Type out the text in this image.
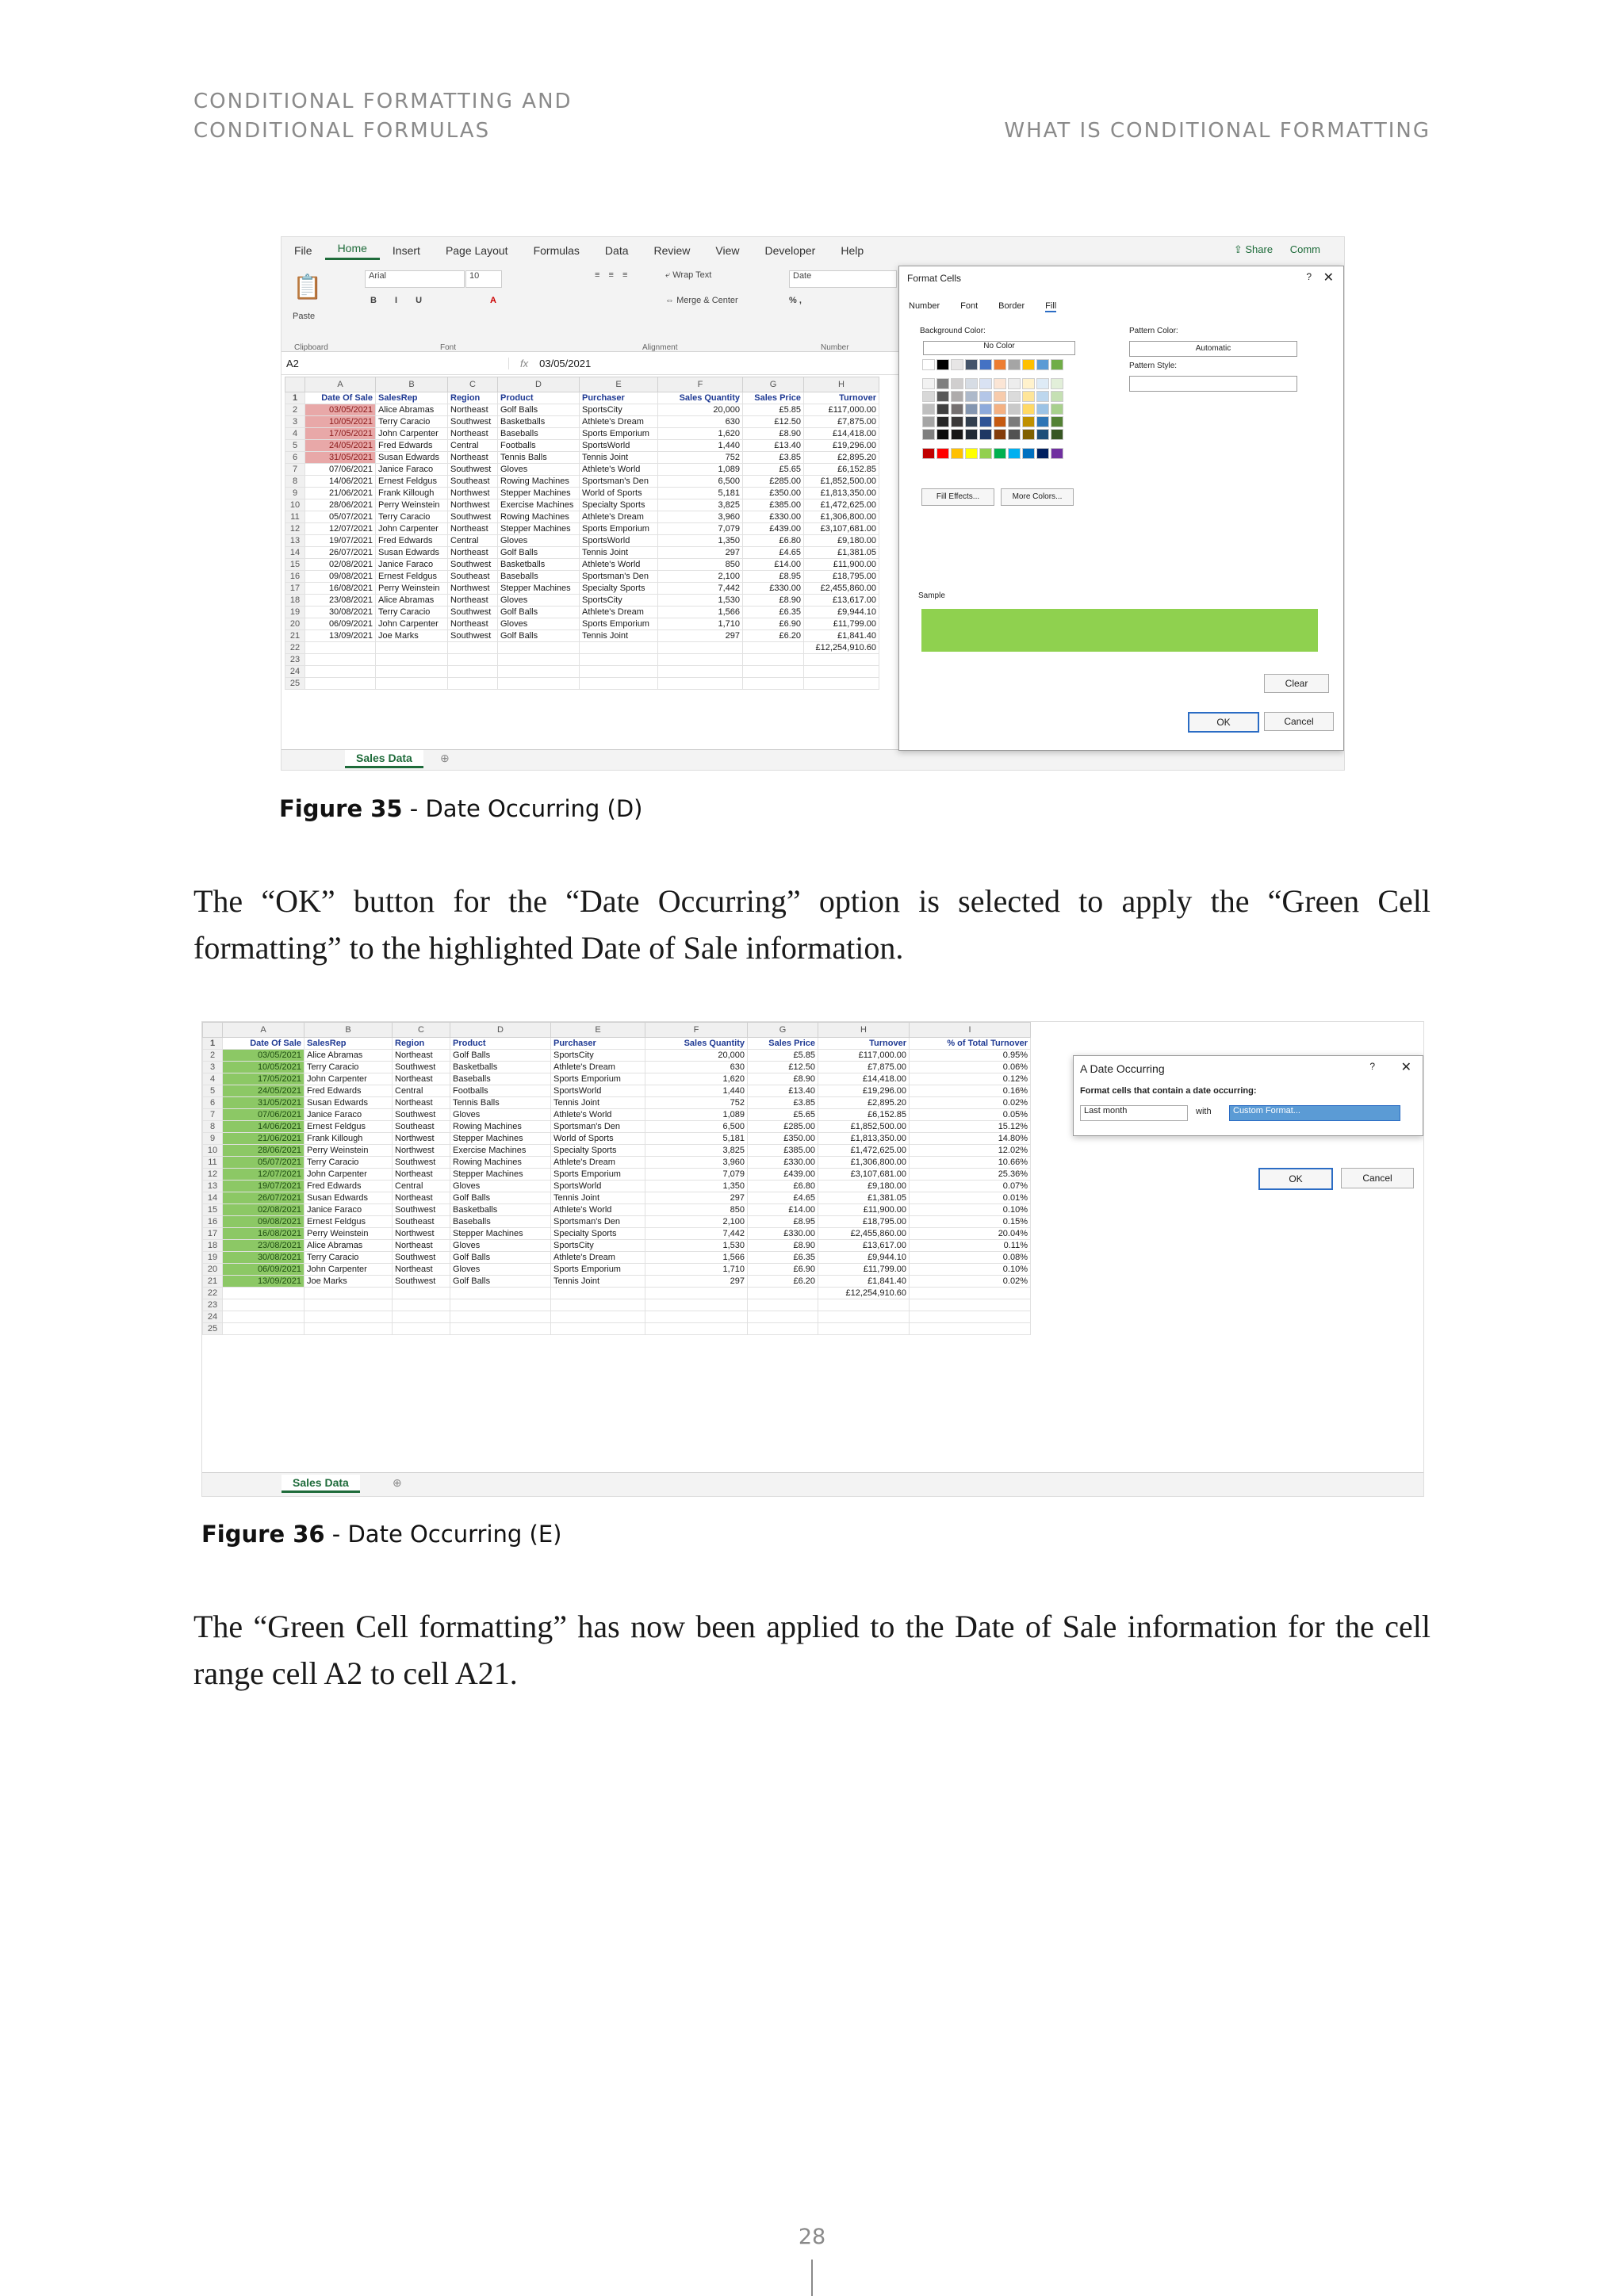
CONDITIONAL FORMATTING AND
CONDITIONAL FORMULAS	WHAT IS CONDITIONAL FORMATTING
File	Home	Insert	Page Layout	Formulas	Data	Review	View	Developer	Help	⇪ Share Comm
📋
Paste
Arial	10
B I U	A
⤶ Wrap Text
⇔ Merge & Center
Date
% ,
≡ ≡ ≡
Clipboard	Font	Alignment	Number
A2	fx	03/05/2021
	A	B	C	D	E	F	G	H
1	Date Of Sale	SalesRep	Region	Product	Purchaser	Sales Quantity	Sales Price	Turnover
2	03/05/2021	Alice Abramas	Northeast	Golf Balls	SportsCity	20,000	£5.85	£117,000.00
3	10/05/2021	Terry Caracio	Southwest	Basketballs	Athlete's Dream	630	£12.50	£7,875.00
4	17/05/2021	John Carpenter	Northeast	Baseballs	Sports Emporium	1,620	£8.90	£14,418.00
5	24/05/2021	Fred Edwards	Central	Footballs	SportsWorld	1,440	£13.40	£19,296.00
6	31/05/2021	Susan Edwards	Northeast	Tennis Balls	Tennis Joint	752	£3.85	£2,895.20
7	07/06/2021	Janice Faraco	Southwest	Gloves	Athlete's World	1,089	£5.65	£6,152.85
8	14/06/2021	Ernest Feldgus	Southeast	Rowing Machines	Sportsman's Den	6,500	£285.00	£1,852,500.00
9	21/06/2021	Frank Killough	Northwest	Stepper Machines	World of Sports	5,181	£350.00	£1,813,350.00
10	28/06/2021	Perry Weinstein	Northwest	Exercise Machines	Specialty Sports	3,825	£385.00	£1,472,625.00
11	05/07/2021	Terry Caracio	Southwest	Rowing Machines	Athlete's Dream	3,960	£330.00	£1,306,800.00
12	12/07/2021	John Carpenter	Northeast	Stepper Machines	Sports Emporium	7,079	£439.00	£3,107,681.00
13	19/07/2021	Fred Edwards	Central	Gloves	SportsWorld	1,350	£6.80	£9,180.00
14	26/07/2021	Susan Edwards	Northeast	Golf Balls	Tennis Joint	297	£4.65	£1,381.05
15	02/08/2021	Janice Faraco	Southwest	Basketballs	Athlete's World	850	£14.00	£11,900.00
16	09/08/2021	Ernest Feldgus	Southeast	Baseballs	Sportsman's Den	2,100	£8.95	£18,795.00
17	16/08/2021	Perry Weinstein	Northwest	Stepper Machines	Specialty Sports	7,442	£330.00	£2,455,860.00
18	23/08/2021	Alice Abramas	Northeast	Gloves	SportsCity	1,530	£8.90	£13,617.00
19	30/08/2021	Terry Caracio	Southwest	Golf Balls	Athlete's Dream	1,566	£6.35	£9,944.10
20	06/09/2021	John Carpenter	Northeast	Gloves	Sports Emporium	1,710	£6.90	£11,799.00
21	13/09/2021	Joe Marks	Southwest	Golf Balls	Tennis Joint	297	£6.20	£1,841.40
22								£12,254,910.60
23								
24								
25								
Sales Data	⊕
Format Cells	? ✕
Number Font Border Fill
Background Color:
No Color
Fill Effects...	More Colors...
Pattern Color:
Automatic
Pattern Style:
Sample
Clear
OK	Cancel
Figure 35 - Date Occurring (D)
The “OK” button for the “Date Occurring” option is selected to apply the “Green Cell formatting” to the highlighted Date of Sale information.
	A	B	C	D	E	F	G	H	I
1	Date Of Sale	SalesRep	Region	Product	Purchaser	Sales Quantity	Sales Price	Turnover	% of Total Turnover
2	03/05/2021	Alice Abramas	Northeast	Golf Balls	SportsCity	20,000	£5.85	£117,000.00	0.95%
3	10/05/2021	Terry Caracio	Southwest	Basketballs	Athlete's Dream	630	£12.50	£7,875.00	0.06%
4	17/05/2021	John Carpenter	Northeast	Baseballs	Sports Emporium	1,620	£8.90	£14,418.00	0.12%
5	24/05/2021	Fred Edwards	Central	Footballs	SportsWorld	1,440	£13.40	£19,296.00	0.16%
6	31/05/2021	Susan Edwards	Northeast	Tennis Balls	Tennis Joint	752	£3.85	£2,895.20	0.02%
7	07/06/2021	Janice Faraco	Southwest	Gloves	Athlete's World	1,089	£5.65	£6,152.85	0.05%
8	14/06/2021	Ernest Feldgus	Southeast	Rowing Machines	Sportsman's Den	6,500	£285.00	£1,852,500.00	15.12%
9	21/06/2021	Frank Killough	Northwest	Stepper Machines	World of Sports	5,181	£350.00	£1,813,350.00	14.80%
10	28/06/2021	Perry Weinstein	Northwest	Exercise Machines	Specialty Sports	3,825	£385.00	£1,472,625.00	12.02%
11	05/07/2021	Terry Caracio	Southwest	Rowing Machines	Athlete's Dream	3,960	£330.00	£1,306,800.00	10.66%
12	12/07/2021	John Carpenter	Northeast	Stepper Machines	Sports Emporium	7,079	£439.00	£3,107,681.00	25.36%
13	19/07/2021	Fred Edwards	Central	Gloves	SportsWorld	1,350	£6.80	£9,180.00	0.07%
14	26/07/2021	Susan Edwards	Northeast	Golf Balls	Tennis Joint	297	£4.65	£1,381.05	0.01%
15	02/08/2021	Janice Faraco	Southwest	Basketballs	Athlete's World	850	£14.00	£11,900.00	0.10%
16	09/08/2021	Ernest Feldgus	Southeast	Baseballs	Sportsman's Den	2,100	£8.95	£18,795.00	0.15%
17	16/08/2021	Perry Weinstein	Northwest	Stepper Machines	Specialty Sports	7,442	£330.00	£2,455,860.00	20.04%
18	23/08/2021	Alice Abramas	Northeast	Gloves	SportsCity	1,530	£8.90	£13,617.00	0.11%
19	30/08/2021	Terry Caracio	Southwest	Golf Balls	Athlete's Dream	1,566	£6.35	£9,944.10	0.08%
20	06/09/2021	John Carpenter	Northeast	Gloves	Sports Emporium	1,710	£6.90	£11,799.00	0.10%
21	13/09/2021	Joe Marks	Southwest	Golf Balls	Tennis Joint	297	£6.20	£1,841.40	0.02%
22								£12,254,910.60	
23									
24									
25									
Sales Data	⊕
A Date Occurring	? ✕
Format cells that contain a date occurring:
Last month	with	Custom Format...
OK	Cancel
Figure 36 - Date Occurring (E)
The “Green Cell formatting” has now been applied to the Date of Sale information for the cell range cell A2 to cell A21.
28
